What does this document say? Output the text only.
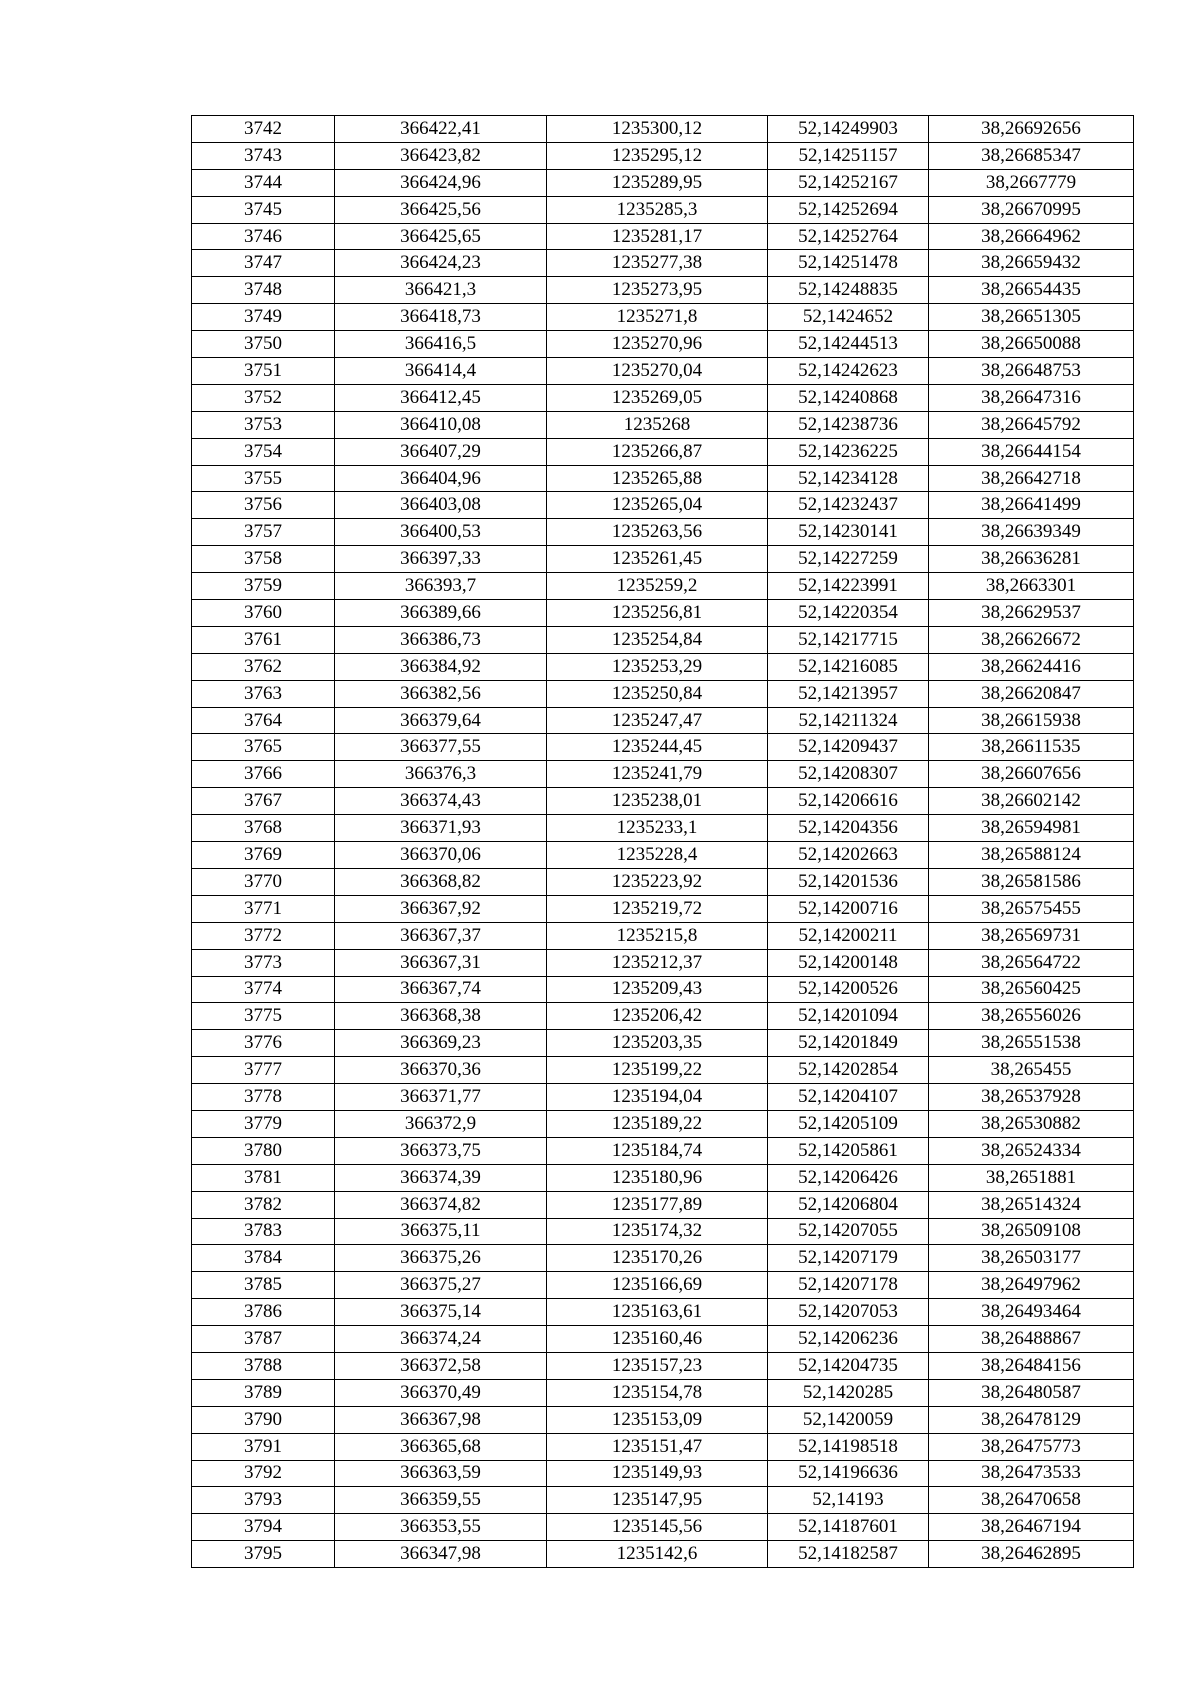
3742	366422,41	1235300,12	52,14249903	38,26692656
3743	366423,82	1235295,12	52,14251157	38,26685347
3744	366424,96	1235289,95	52,14252167	38,2667779
3745	366425,56	1235285,3	52,14252694	38,26670995
3746	366425,65	1235281,17	52,14252764	38,26664962
3747	366424,23	1235277,38	52,14251478	38,26659432
3748	366421,3	1235273,95	52,14248835	38,26654435
3749	366418,73	1235271,8	52,1424652	38,26651305
3750	366416,5	1235270,96	52,14244513	38,26650088
3751	366414,4	1235270,04	52,14242623	38,26648753
3752	366412,45	1235269,05	52,14240868	38,26647316
3753	366410,08	1235268	52,14238736	38,26645792
3754	366407,29	1235266,87	52,14236225	38,26644154
3755	366404,96	1235265,88	52,14234128	38,26642718
3756	366403,08	1235265,04	52,14232437	38,26641499
3757	366400,53	1235263,56	52,14230141	38,26639349
3758	366397,33	1235261,45	52,14227259	38,26636281
3759	366393,7	1235259,2	52,14223991	38,2663301
3760	366389,66	1235256,81	52,14220354	38,26629537
3761	366386,73	1235254,84	52,14217715	38,26626672
3762	366384,92	1235253,29	52,14216085	38,26624416
3763	366382,56	1235250,84	52,14213957	38,26620847
3764	366379,64	1235247,47	52,14211324	38,26615938
3765	366377,55	1235244,45	52,14209437	38,26611535
3766	366376,3	1235241,79	52,14208307	38,26607656
3767	366374,43	1235238,01	52,14206616	38,26602142
3768	366371,93	1235233,1	52,14204356	38,26594981
3769	366370,06	1235228,4	52,14202663	38,26588124
3770	366368,82	1235223,92	52,14201536	38,26581586
3771	366367,92	1235219,72	52,14200716	38,26575455
3772	366367,37	1235215,8	52,14200211	38,26569731
3773	366367,31	1235212,37	52,14200148	38,26564722
3774	366367,74	1235209,43	52,14200526	38,26560425
3775	366368,38	1235206,42	52,14201094	38,26556026
3776	366369,23	1235203,35	52,14201849	38,26551538
3777	366370,36	1235199,22	52,14202854	38,265455
3778	366371,77	1235194,04	52,14204107	38,26537928
3779	366372,9	1235189,22	52,14205109	38,26530882
3780	366373,75	1235184,74	52,14205861	38,26524334
3781	366374,39	1235180,96	52,14206426	38,2651881
3782	366374,82	1235177,89	52,14206804	38,26514324
3783	366375,11	1235174,32	52,14207055	38,26509108
3784	366375,26	1235170,26	52,14207179	38,26503177
3785	366375,27	1235166,69	52,14207178	38,26497962
3786	366375,14	1235163,61	52,14207053	38,26493464
3787	366374,24	1235160,46	52,14206236	38,26488867
3788	366372,58	1235157,23	52,14204735	38,26484156
3789	366370,49	1235154,78	52,1420285	38,26480587
3790	366367,98	1235153,09	52,1420059	38,26478129
3791	366365,68	1235151,47	52,14198518	38,26475773
3792	366363,59	1235149,93	52,14196636	38,26473533
3793	366359,55	1235147,95	52,14193	38,26470658
3794	366353,55	1235145,56	52,14187601	38,26467194
3795	366347,98	1235142,6	52,14182587	38,26462895
